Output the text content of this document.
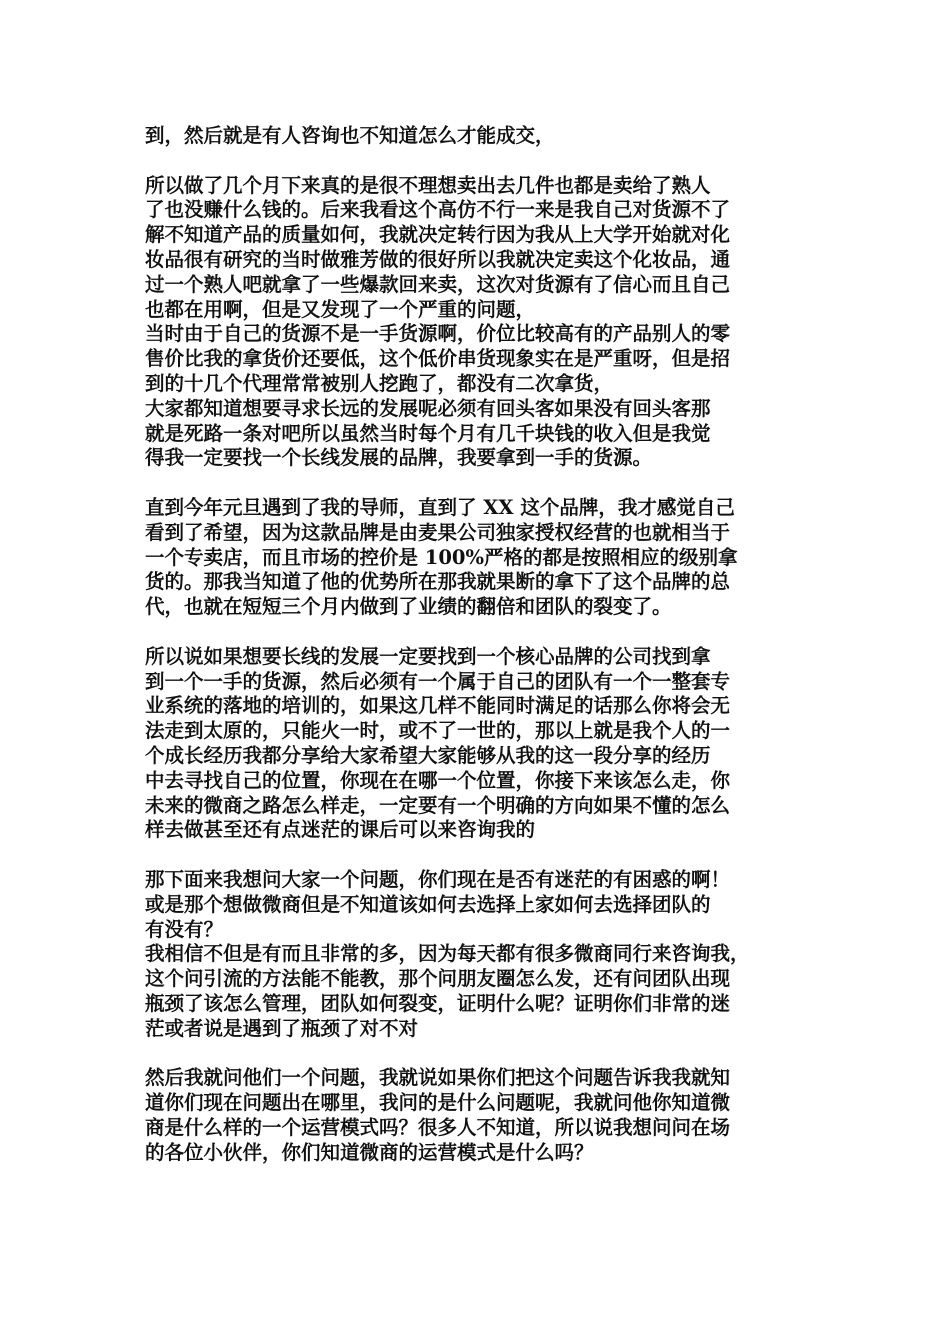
到，然后就是有人咨询也不知道怎么才能成交，
所以做了几个月下来真的是很不理想卖出去几件也都是卖给了熟人
了也没赚什么钱的。后来我看这个高仿不行一来是我自己对货源不了
解不知道产品的质量如何，我就决定转行因为我从上大学开始就对化
妆品很有研究的当时做雅芳做的很好所以我就决定卖这个化妆品，通
过一个熟人吧就拿了一些爆款回来卖，这次对货源有了信心而且自己
也都在用啊，但是又发现了一个严重的问题，
当时由于自己的货源不是一手货源啊，价位比较高有的产品别人的零
售价比我的拿货价还要低，这个低价串货现象实在是严重呀，但是招
到的十几个代理常常被别人挖跑了，都没有二次拿货，
大家都知道想要寻求长远的发展呢必须有回头客如果没有回头客那
就是死路一条对吧所以虽然当时每个月有几千块钱的收入但是我觉
得我一定要找一个长线发展的品牌，我要拿到一手的货源。
直到今年元旦遇到了我的导师，直到了 XX 这个品牌，我才感觉自己
看到了希望，因为这款品牌是由麦果公司独家授权经营的也就相当于
一个专卖店，而且市场的控价是 100%严格的都是按照相应的级别拿
货的。那我当知道了他的优势所在那我就果断的拿下了这个品牌的总
代，也就在短短三个月内做到了业绩的翻倍和团队的裂变了。
所以说如果想要长线的发展一定要找到一个核心品牌的公司找到拿
到一个一手的货源，然后必须有一个属于自己的团队有一个一整套专
业系统的落地的培训的，如果这几样不能同时满足的话那么你将会无
法走到太原的，只能火一时，或不了一世的，那以上就是我个人的一
个成长经历我都分享给大家希望大家能够从我的这一段分享的经历
中去寻找自己的位置，你现在在哪一个位置，你接下来该怎么走，你
未来的微商之路怎么样走，一定要有一个明确的方向如果不懂的怎么
样去做甚至还有点迷茫的课后可以来咨询我的
那下面来我想问大家一个问题，你们现在是否有迷茫的有困惑的啊！
或是那个想做微商但是不知道该如何去选择上家如何去选择团队的
有没有？
我相信不但是有而且非常的多，因为每天都有很多微商同行来咨询我，
这个问引流的方法能不能教，那个问朋友圈怎么发，还有问团队出现
瓶颈了该怎么管理，团队如何裂变，证明什么呢？证明你们非常的迷
茫或者说是遇到了瓶颈了对不对
然后我就问他们一个问题，我就说如果你们把这个问题告诉我我就知
道你们现在问题出在哪里，我问的是什么问题呢，我就问他你知道微
商是什么样的一个运营模式吗？很多人不知道，所以说我想问问在场
的各位小伙伴，你们知道微商的运营模式是什么吗？
